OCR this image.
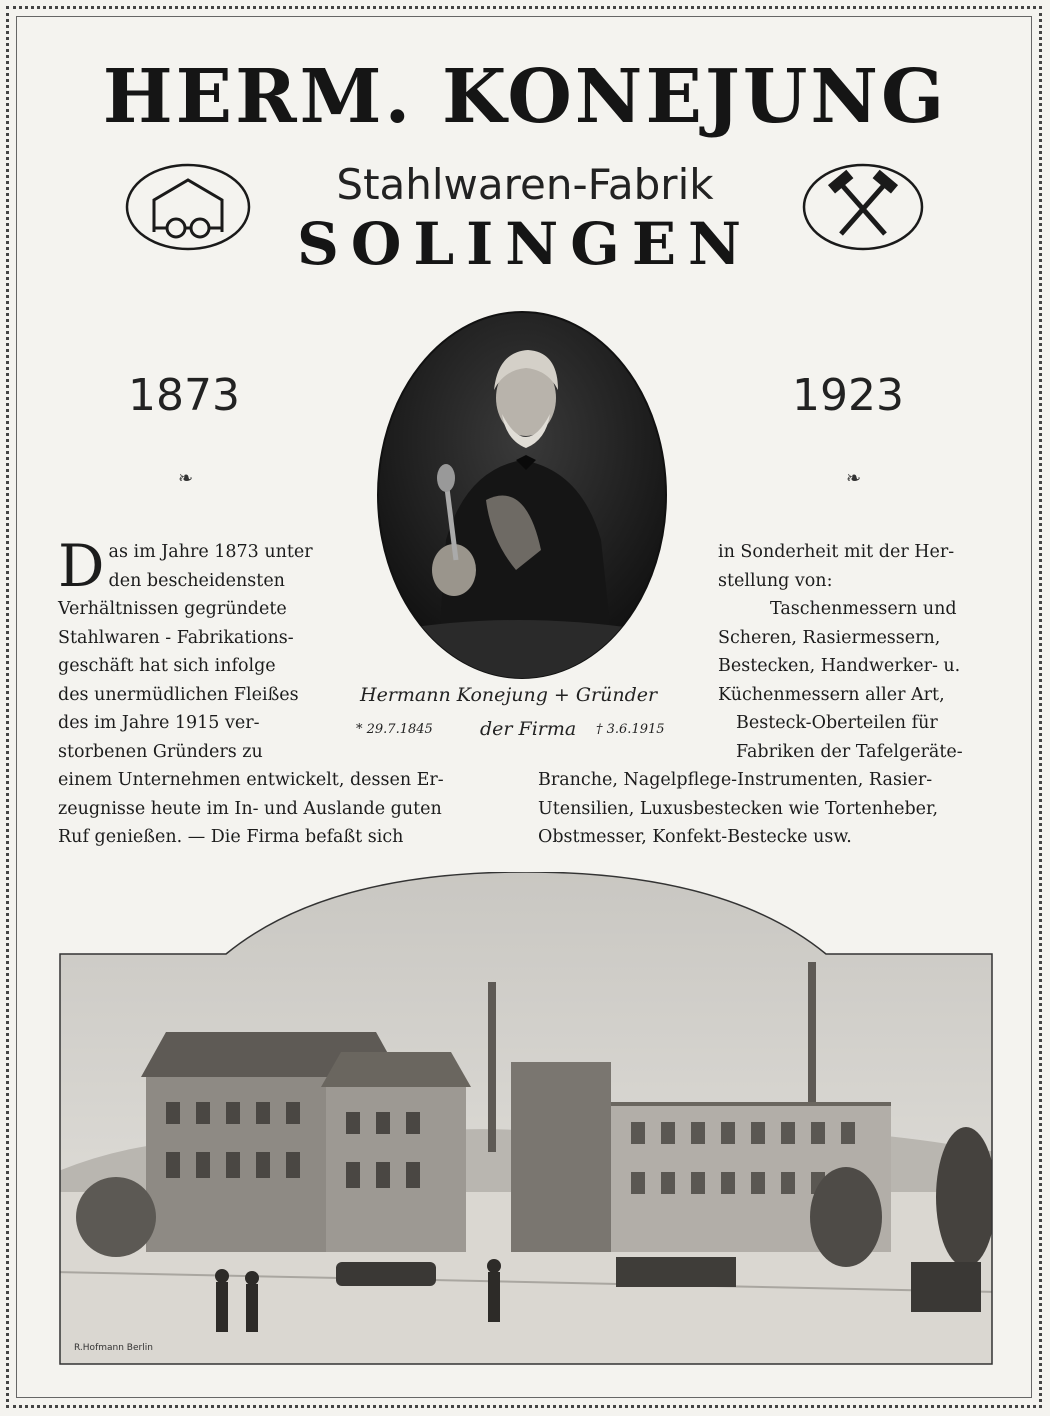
HERM. KONEJUNG
Stahlwaren-Fabrik
SOLINGEN
1873	1923
❧	❧
Hermann Konejung + Gründer
* 29.7.1845 der Firma † 3.6.1915
D as im Jahre 1873 unter
den bescheidensten
Verhältnissen gegründete
Stahlwaren - Fabrikations-
geschäft hat sich infolge
des unermüdlichen Fleißes
des im Jahre 1915 ver-
storbenen Gründers zu
in Sonderheit mit der Her-
stellung von:
Taschenmessern und
Scheren, Rasiermessern,
Bestecken, Handwerker- u.
Küchenmessern aller Art,
Besteck-Oberteilen für
Fabriken der Tafelgeräte-
einem Unternehmen entwickelt, dessen Er-
zeugnisse heute im In- und Auslande guten
Ruf genießen. — Die Firma befaßt sich
Branche, Nagelpflege-Instrumenten, Rasier-
Utensilien, Luxusbestecken wie Tortenheber,
Obstmesser, Konfekt-Bestecke usw.
R.Hofmann Berlin
